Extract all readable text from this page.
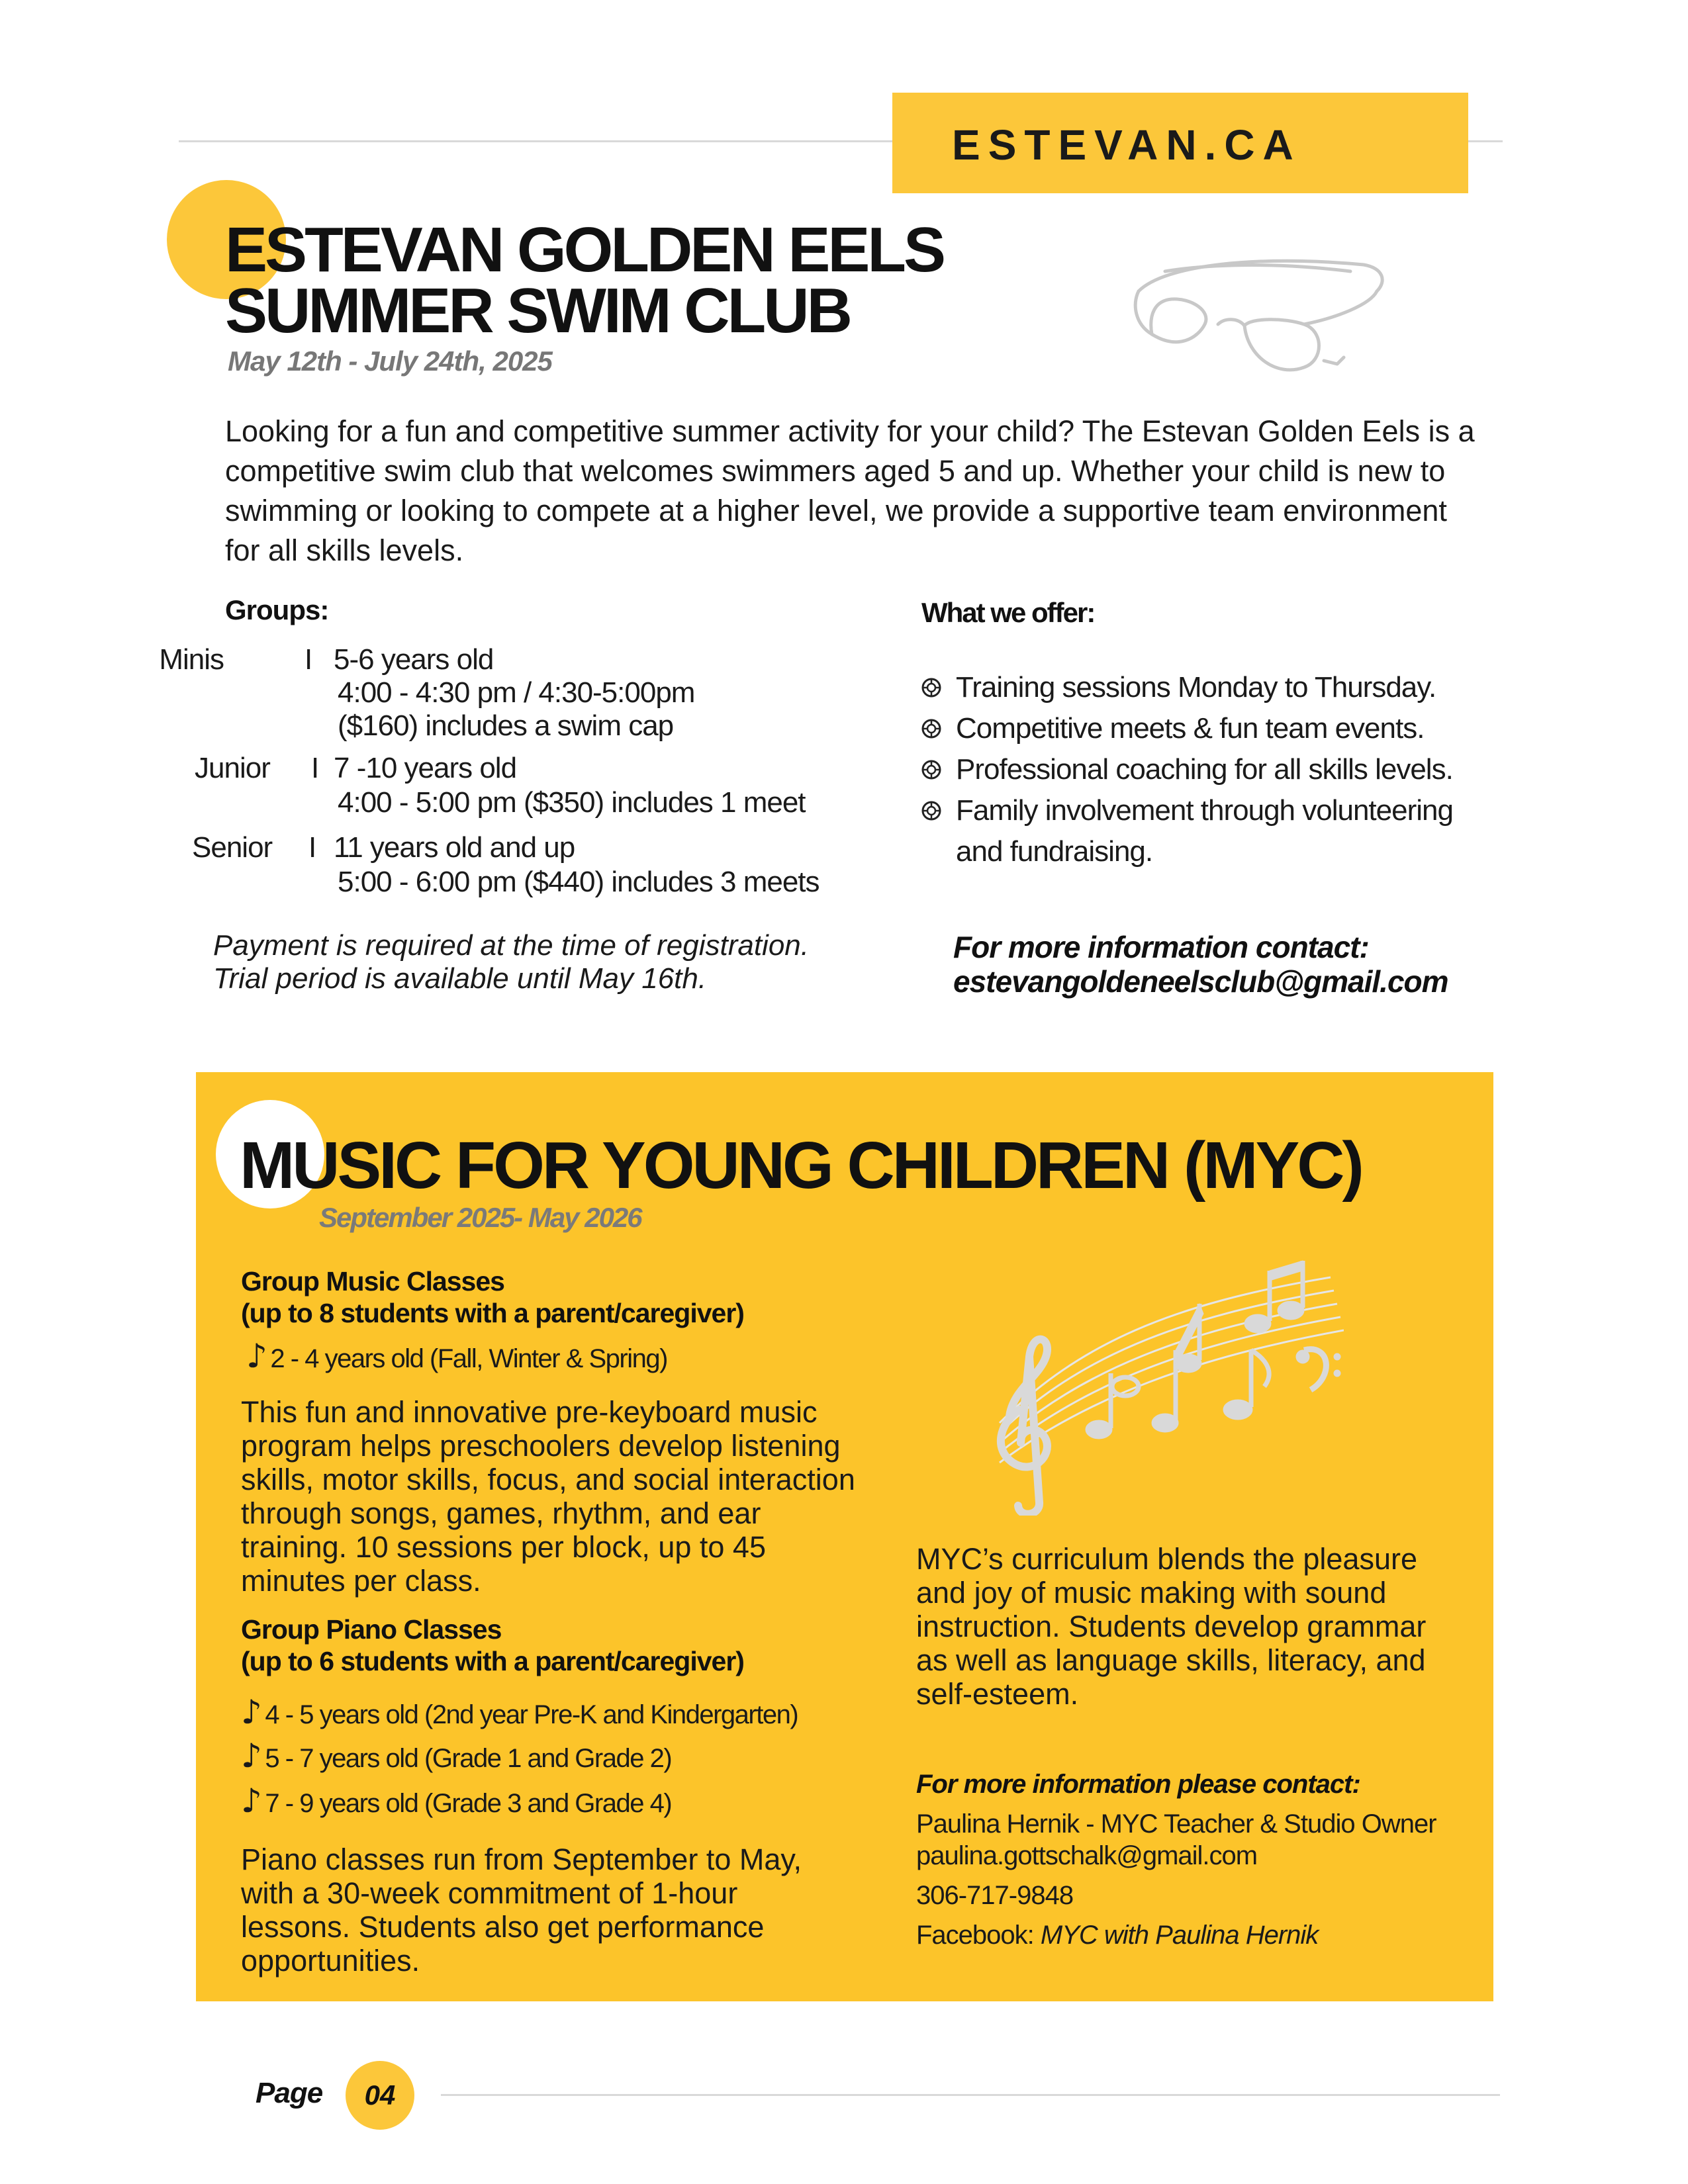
ESTEVAN.CA
ESTEVAN GOLDEN EELS
SUMMER SWIM CLUB
May 12th - July 24th, 2025
Looking for a fun and competitive summer activity for your child? The Estevan Golden Eels is a competitive swim club that welcomes swimmers aged 5 and up. Whether your child is new to swimming or looking to compete at a higher level, we provide a supportive team environment for all skills levels.
Groups:
Minis	I 5-6 years old
4:00 - 4:30 pm / 4:30-5:00pm
($160) includes a swim cap
Junior	I 7 -10 years old
4:00 - 5:00 pm ($350) includes 1 meet
Senior	I 11 years old and up
5:00 - 6:00 pm ($440) includes 3 meets
Payment is required at the time of registration.
Trial period is available until May 16th.
What we offer:
Training sessions Monday to Thursday.
Competitive meets & fun team events.
Professional coaching for all skills levels.
Family involvement through volunteering and fundraising.
For more information contact:
estevangoldeneelsclub@gmail.com
MUSIC FOR YOUNG CHILDREN (MYC)
September 2025- May 2026
Group Music Classes
(up to 8 students with a parent/caregiver)
♪ 2 - 4 years old (Fall, Winter & Spring)
This fun and innovative pre-keyboard music program helps preschoolers develop listening skills, motor skills, focus, and social interaction through songs, games, rhythm, and ear training. 10 sessions per block, up to 45 minutes per class.
Group Piano Classes
(up to 6 students with a parent/caregiver)
♪ 4 - 5 years old (2nd year Pre-K and Kindergarten)
♪ 5 - 7 years old (Grade 1 and Grade 2)
♪ 7 - 9 years old (Grade 3 and Grade 4)
Piano classes run from September to May, with a 30-week commitment of 1-hour lessons. Students also get performance opportunities.
MYC’s curriculum blends the pleasure and joy of music making with sound instruction. Students develop grammar as well as language skills, literacy, and self-esteem.
For more information please contact:
Paulina Hernik - MYC Teacher & Studio Owner
paulina.gottschalk@gmail.com
306-717-9848
Facebook: MYC with Paulina Hernik
Page	04
